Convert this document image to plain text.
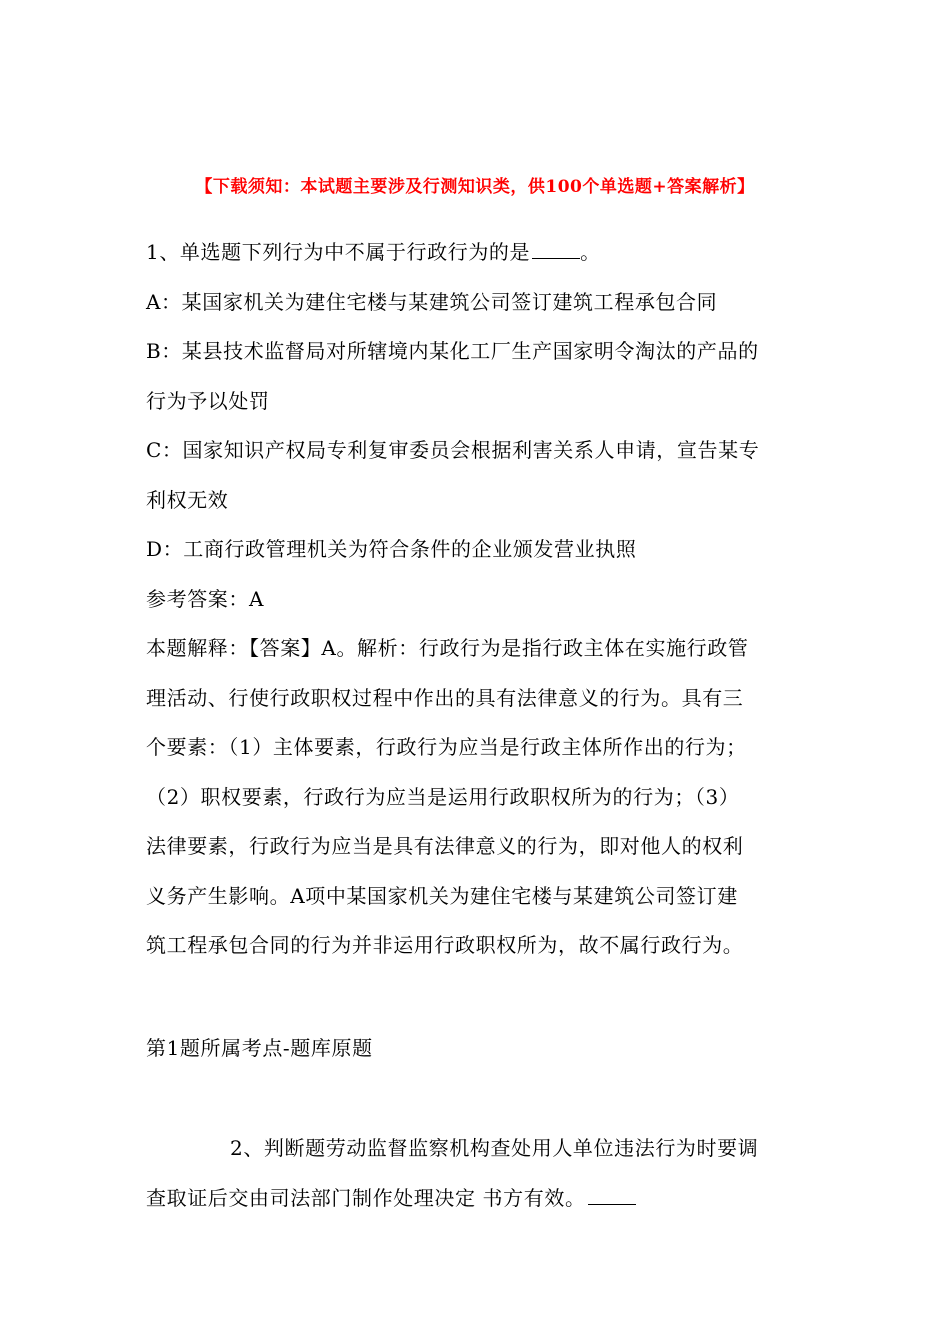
【下载须知：本试题主要涉及行测知识类，供100个单选题+答案解析】
1、单选题下列行为中不属于行政行为的是	。
A：某国家机关为建住宅楼与某建筑公司签订建筑工程承包合同
B：某县技术监督局对所辖境内某化工厂生产国家明令淘汰的产品的
行为予以处罚
C：国家知识产权局专利复审委员会根据利害关系人申请，宣告某专
利权无效
D：工商行政管理机关为符合条件的企业颁发营业执照
参考答案：A
本题解释：【答案】A。解析：行政行为是指行政主体在实施行政管
理活动、行使行政职权过程中作出的具有法律意义的行为。具有三
个要素：（1）主体要素，行政行为应当是行政主体所作出的行为；
（2）职权要素，行政行为应当是运用行政职权所为的行为；（3）
法律要素，行政行为应当是具有法律意义的行为，即对他人的权利
义务产生影响。A项中某国家机关为建住宅楼与某建筑公司签订建
筑工程承包合同的行为并非运用行政职权所为，故不属行政行为。
第1题所属考点-题库原题
2、判断题劳动监督监察机构查处用人单位违法行为时要调
查取证后交由司法部门制作处理决定 书方有效。
